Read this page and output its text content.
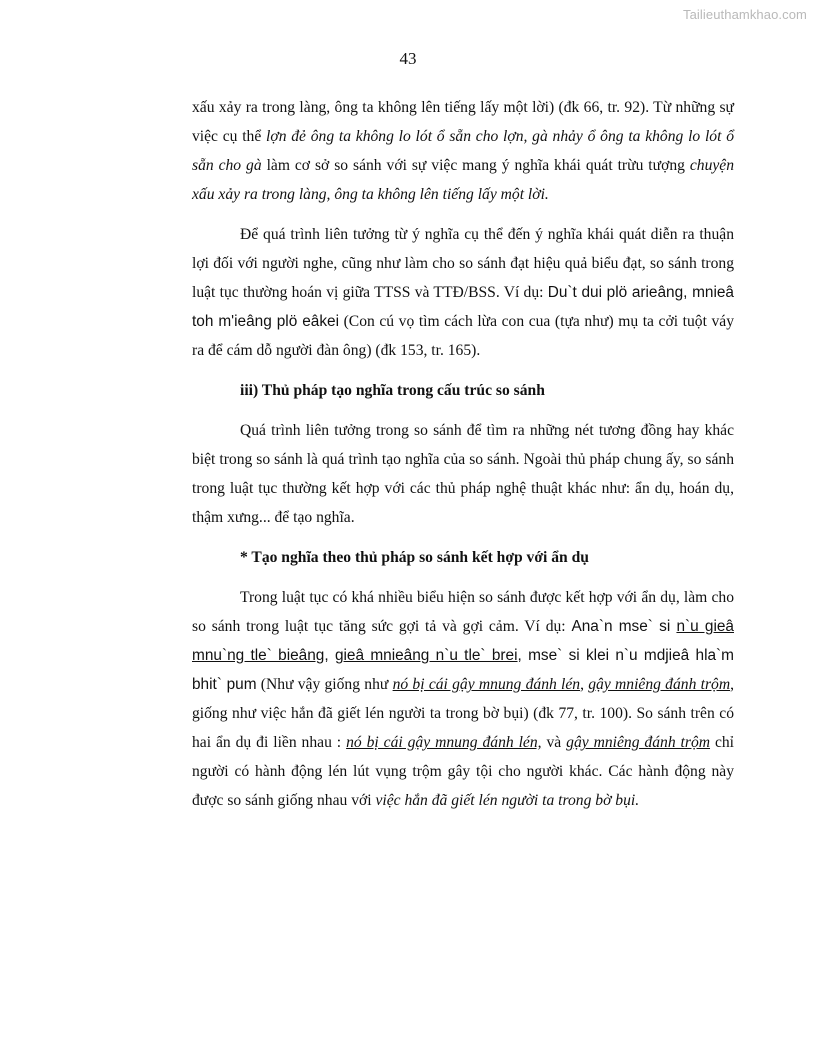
Tailieuthamkhao.com
43

xấu xảy ra trong làng, ông ta không lên tiếng lấy một lời) (đk 66, tr. 92). Từ những sự việc cụ thể lợn đẻ ông ta không lo lót ổ sẵn cho lợn, gà nhảy ổ ông ta không lo lót ổ sẵn cho gà làm cơ sở so sánh với sự việc mang ý nghĩa khái quát trừu tượng chuyện xấu xảy ra trong làng, ông ta không lên tiếng lấy một lời.

Để quá trình liên tưởng từ ý nghĩa cụ thể đến ý nghĩa khái quát diễn ra thuận lợi đối với người nghe, cũng như làm cho so sánh đạt hiệu quả biểu đạt, so sánh trong luật tục thường hoán vị giữa TTSS và TTĐ/BSS. Ví dụ: Du`t dui plö arieâng, mnieâ toh m'ieâng plö eâkei (Con cú vọ tìm cách lừa con cua (tựa như) mụ ta cởi tuột váy ra để cám dỗ người đàn ông) (đk 153, tr. 165).

iii) Thủ pháp tạo nghĩa trong cấu trúc so sánh

Quá trình liên tưởng trong so sánh để tìm ra những nét tương đồng hay khác biệt trong so sánh là quá trình tạo nghĩa của so sánh. Ngoài thủ pháp chung ấy, so sánh trong luật tục thường kết hợp với các thủ pháp nghệ thuật khác như: ẩn dụ, hoán dụ, thậm xưng... để tạo nghĩa.

* Tạo nghĩa theo thủ pháp so sánh kết hợp với ẩn dụ

Trong luật tục có khá nhiều biểu hiện so sánh được kết hợp với ẩn dụ, làm cho so sánh trong luật tục tăng sức gợi tả và gợi cảm. Ví dụ: Ana`n mse` si n`u gieâ mnu`ng tle` bieâng, gieâ mnieâng n`u tle` brei, mse` si klei n`u mdjieâ hla`m bhit` pum (Như vậy giống như nó bị cái gậy mnung đánh lén, gậy mniêng đánh trộm, giống như việc hắn đã giết lén người ta trong bờ bụi) (đk 77, tr. 100). So sánh trên có hai ẩn dụ đi liền nhau : nó bị cái gậy mnung đánh lén, và gậy mniêng đánh trộm chỉ người có hành động lén lút vụng trộm gây tội cho người khác. Các hành động này được so sánh giống nhau với việc hắn đã giết lén người ta trong bờ bụi.
